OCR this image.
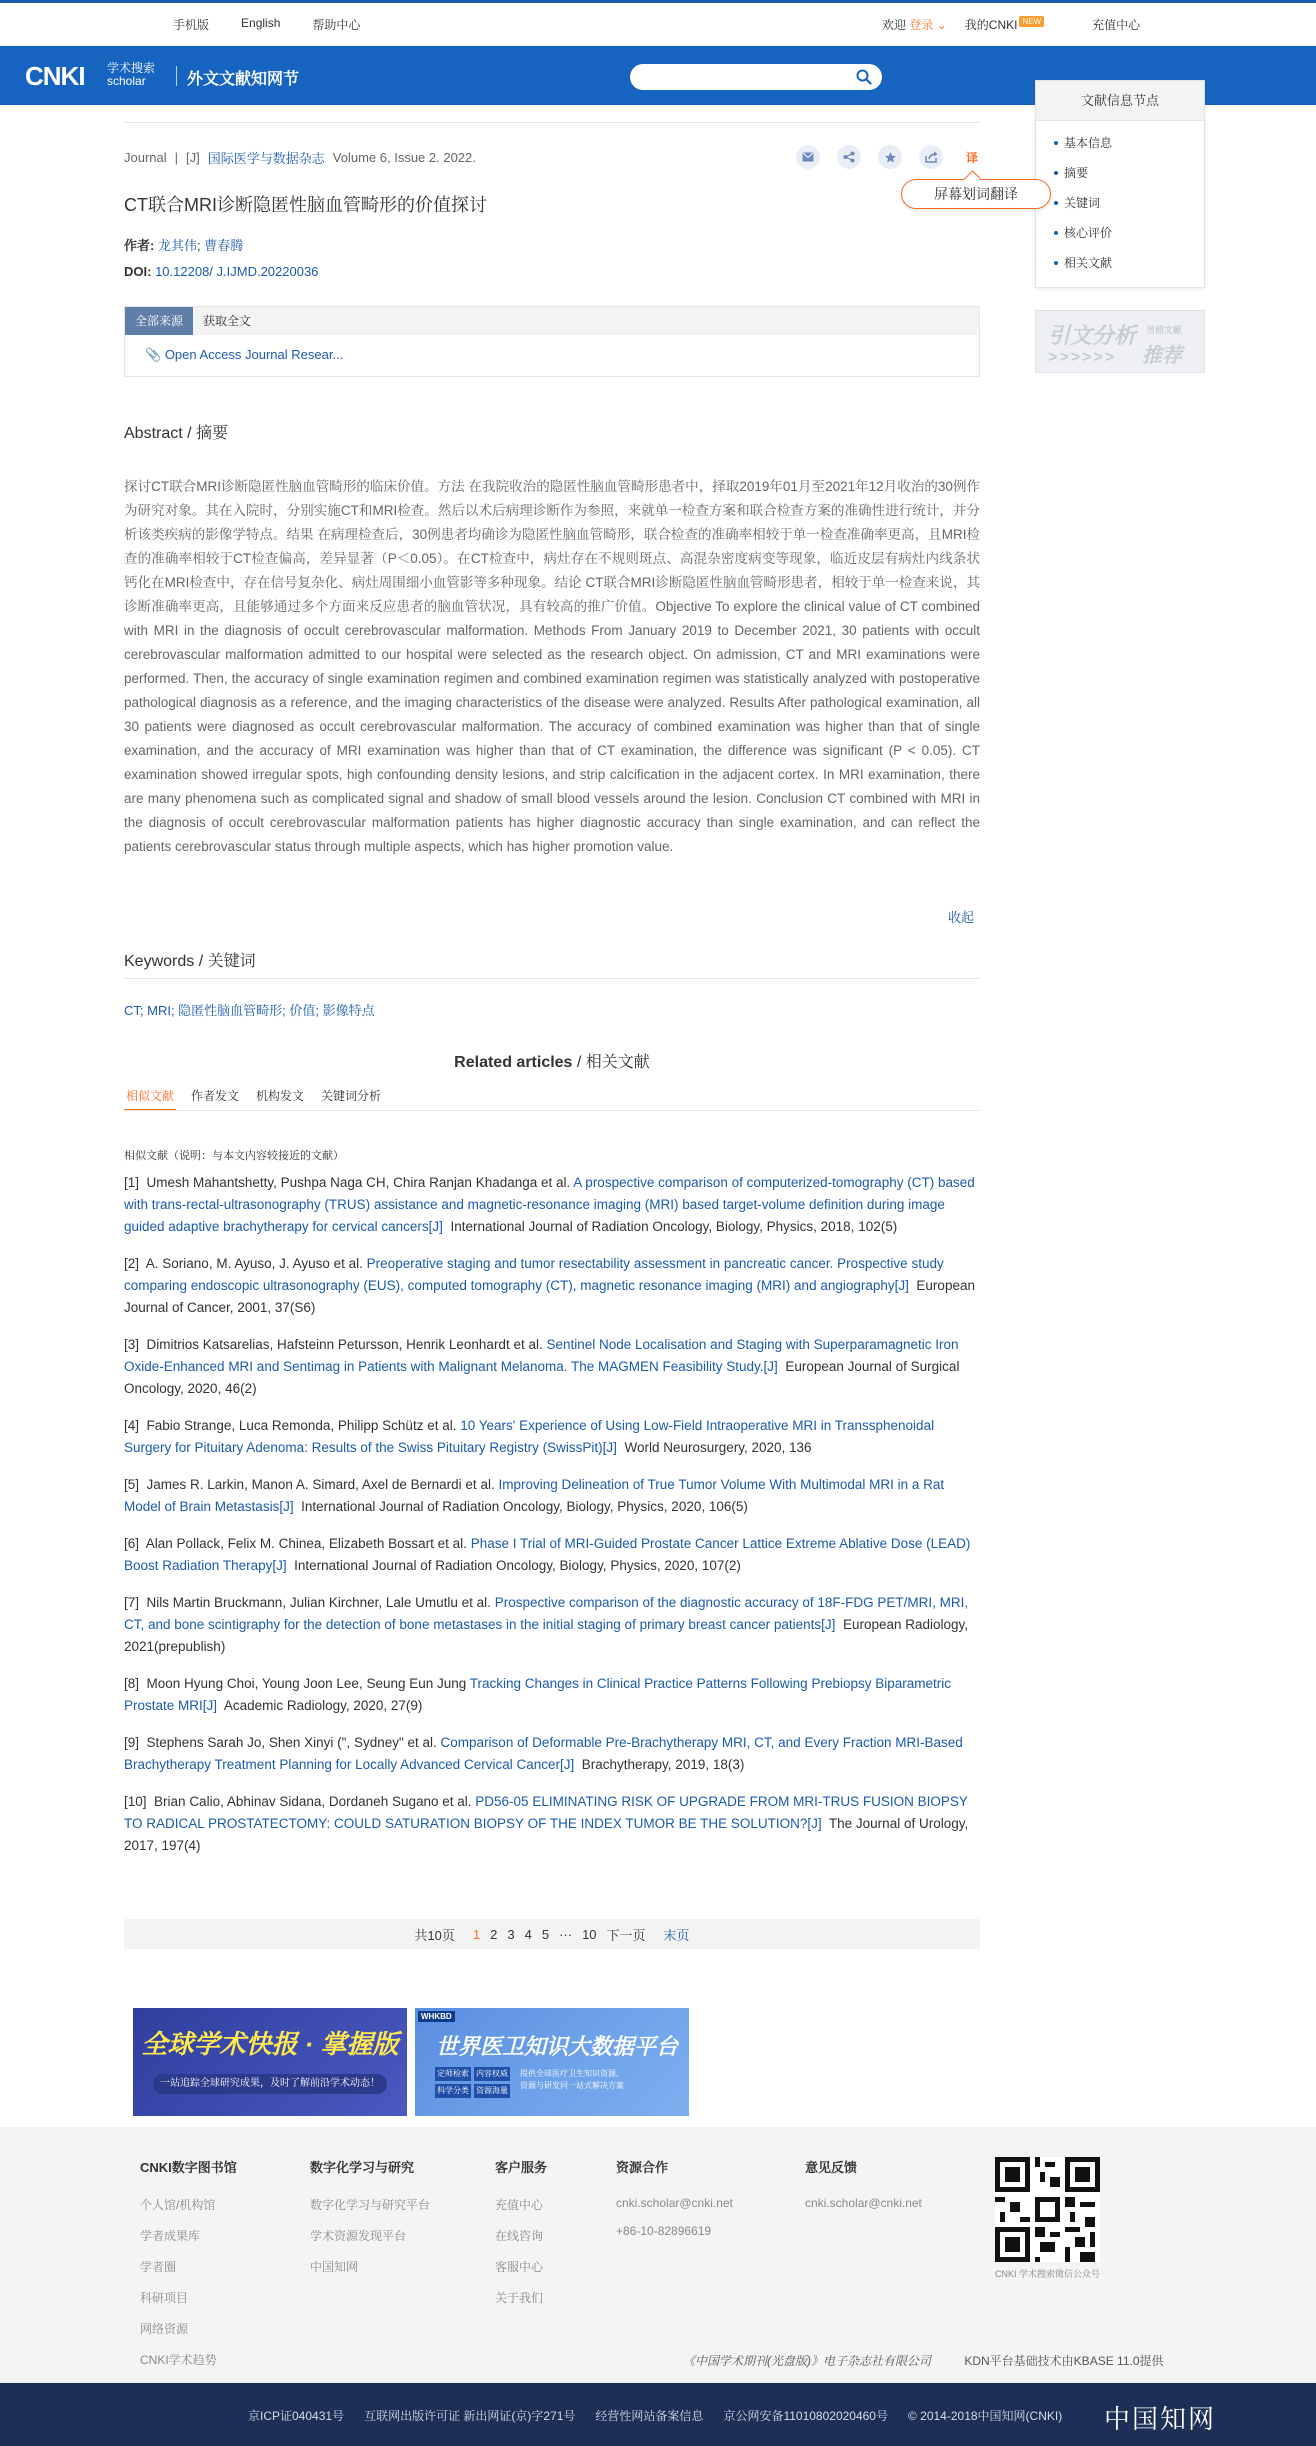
手机版	English	帮助中心	欢迎 登录 ⌄ 我的CNKI NEW	充值中心
CNKI 学术搜索
scholar	外文文献知网节
文献信息节点
基本信息
摘要
关键词
核心评价
相关文献
引文分析 当前文献
推荐
>>>>>>
Journal | [J] 国际医学与数据杂志 Volume 6, Issue 2. 2022.	译
屏幕划词翻译
CT联合MRI诊断隐匿性脑血管畸形的价值探讨
作者: 龙其伟; 曹春腾
DOI: 10.12208/ J.IJMD.20220036
全部来源	获取全文
📎 Open Access Journal Resear...
Abstract / 摘要
探讨CT联合MRI诊断隐匿性脑血管畸形的临床价值。方法 在我院收治的隐匿性脑血管畸形患者中，择取2019年01月至2021年12月收治的30例作为研究对象。其在入院时，分别实施CT和MRI检查。然后以术后病理诊断作为参照，来就单一检查方案和联合检查方案的准确性进行统计，并分析该类疾病的影像学特点。结果 在病理检查后，30例患者均确诊为隐匿性脑血管畸形，联合检查的准确率相较于单一检查准确率更高，且MRI检查的准确率相较于CT检查偏高，差异显著（P＜0.05）。在CT检查中，病灶存在不规则斑点、高混杂密度病变等现象，临近皮层有病灶内线条状钙化在MRI检查中，存在信号复杂化、病灶周围细小血管影等多种现象。结论 CT联合MRI诊断隐匿性脑血管畸形患者，相较于单一检查来说，其诊断准确率更高，且能够通过多个方面来反应患者的脑血管状况，具有较高的推广价值。Objective To explore the clinical value of CT combined with MRI in the diagnosis of occult cerebrovascular malformation. Methods From January 2019 to December 2021, 30 patients with occult cerebrovascular malformation admitted to our hospital were selected as the research object. On admission, CT and MRI examinations were performed. Then, the accuracy of single examination regimen and combined examination regimen was statistically analyzed with postoperative pathological diagnosis as a reference, and the imaging characteristics of the disease were analyzed. Results After pathological examination, all 30 patients were diagnosed as occult cerebrovascular malformation. The accuracy of combined examination was higher than that of single examination, and the accuracy of MRI examination was higher than that of CT examination, the difference was significant (P < 0.05). CT examination showed irregular spots, high confounding density lesions, and strip calcification in the adjacent cortex. In MRI examination, there are many phenomena such as complicated signal and shadow of small blood vessels around the lesion. Conclusion CT combined with MRI in the diagnosis of occult cerebrovascular malformation patients has higher diagnostic accuracy than single examination, and can reflect the patients cerebrovascular status through multiple aspects, which has higher promotion value.
收起
Keywords / 关键词
CT; MRI; 隐匿性脑血管畸形; 价值; 影像特点
Related articles / 相关文献
相似文献 作者发文 机构发文 关键词分析
相似文献（说明：与本文内容较接近的文献）
[1] Umesh Mahantshetty, Pushpa Naga CH, Chira Ranjan Khadanga et al. A prospective comparison of computerized-tomography (CT) based with trans-rectal-ultrasonography (TRUS) assistance and magnetic-resonance imaging (MRI) based target-volume definition during image guided adaptive brachytherapy for cervical cancers[J] International Journal of Radiation Oncology, Biology, Physics, 2018, 102(5)
[2] A. Soriano, M. Ayuso, J. Ayuso et al. Preoperative staging and tumor resectability assessment in pancreatic cancer. Prospective study comparing endoscopic ultrasonography (EUS), computed tomography (CT), magnetic resonance imaging (MRI) and angiography[J] European Journal of Cancer, 2001, 37(S6)
[3] Dimitrios Katsarelias, Hafsteinn Petursson, Henrik Leonhardt et al. Sentinel Node Localisation and Staging with Superparamagnetic Iron Oxide-Enhanced MRI and Sentimag in Patients with Malignant Melanoma. The MAGMEN Feasibility Study.[J] European Journal of Surgical Oncology, 2020, 46(2)
[4] Fabio Strange, Luca Remonda, Philipp Schütz et al. 10 Years' Experience of Using Low-Field Intraoperative MRI in Transsphenoidal Surgery for Pituitary Adenoma: Results of the Swiss Pituitary Registry (SwissPit)[J] World Neurosurgery, 2020, 136
[5] James R. Larkin, Manon A. Simard, Axel de Bernardi et al. Improving Delineation of True Tumor Volume With Multimodal MRI in a Rat Model of Brain Metastasis[J] International Journal of Radiation Oncology, Biology, Physics, 2020, 106(5)
[6] Alan Pollack, Felix M. Chinea, Elizabeth Bossart et al. Phase I Trial of MRI-Guided Prostate Cancer Lattice Extreme Ablative Dose (LEAD) Boost Radiation Therapy[J] International Journal of Radiation Oncology, Biology, Physics, 2020, 107(2)
[7] Nils Martin Bruckmann, Julian Kirchner, Lale Umutlu et al. Prospective comparison of the diagnostic accuracy of 18F-FDG PET/MRI, MRI, CT, and bone scintigraphy for the detection of bone metastases in the initial staging of primary breast cancer patients[J] European Radiology, 2021(prepublish)
[8] Moon Hyung Choi, Young Joon Lee, Seung Eun Jung Tracking Changes in Clinical Practice Patterns Following Prebiopsy Biparametric Prostate MRI[J] Academic Radiology, 2020, 27(9)
[9] Stephens Sarah Jo, Shen Xinyi (", Sydney" et al. Comparison of Deformable Pre-Brachytherapy MRI, CT, and Every Fraction MRI-Based Brachytherapy Treatment Planning for Locally Advanced Cervical Cancer[J] Brachytherapy, 2019, 18(3)
[10] Brian Calio, Abhinav Sidana, Dordaneh Sugano et al. PD56-05 ELIMINATING RISK OF UPGRADE FROM MRI-TRUS FUSION BIOPSY TO RADICAL PROSTATECTOMY: COULD SATURATION BIOPSY OF THE INDEX TUMOR BE THE SOLUTION?[J] The Journal of Urology, 2017, 197(4)
共10页 1 2 3 4 5 ··· 10 下一页 末页
全球学术快报 · 掌握版
一站追踪全球研究成果，及时了解前沿学术动态！
WHKBD
世界医卫知识大数据平台
定师检索 内容权威
科学分类 资源海量
提供全球医疗卫生知识资源，
资源与研发同一站式解决方案
CNKI数字图书馆
个人馆/机构馆
学者成果库
学者圈
科研项目
网络资源
CNKI学术趋势
数字化学习与研究
数字化学习与研究平台
学术资源发现平台
中国知网
客户服务
充值中心
在线咨询
客服中心
关于我们
资源合作
cnki.scholar@cnki.net
+86-10-82896619
意见反馈
cnki.scholar@cnki.net
CNKI 学术搜索微信公众号
《中国学术期刊(光盘版)》电子杂志社有限公司	KDN平台基础技术由KBASE 11.0提供
京ICP证040431号 互联网出版许可证 新出网证(京)字271号 经营性网站备案信息 京公网安备11010802020460号 © 2014-2018中国知网(CNKI) 中国知网
